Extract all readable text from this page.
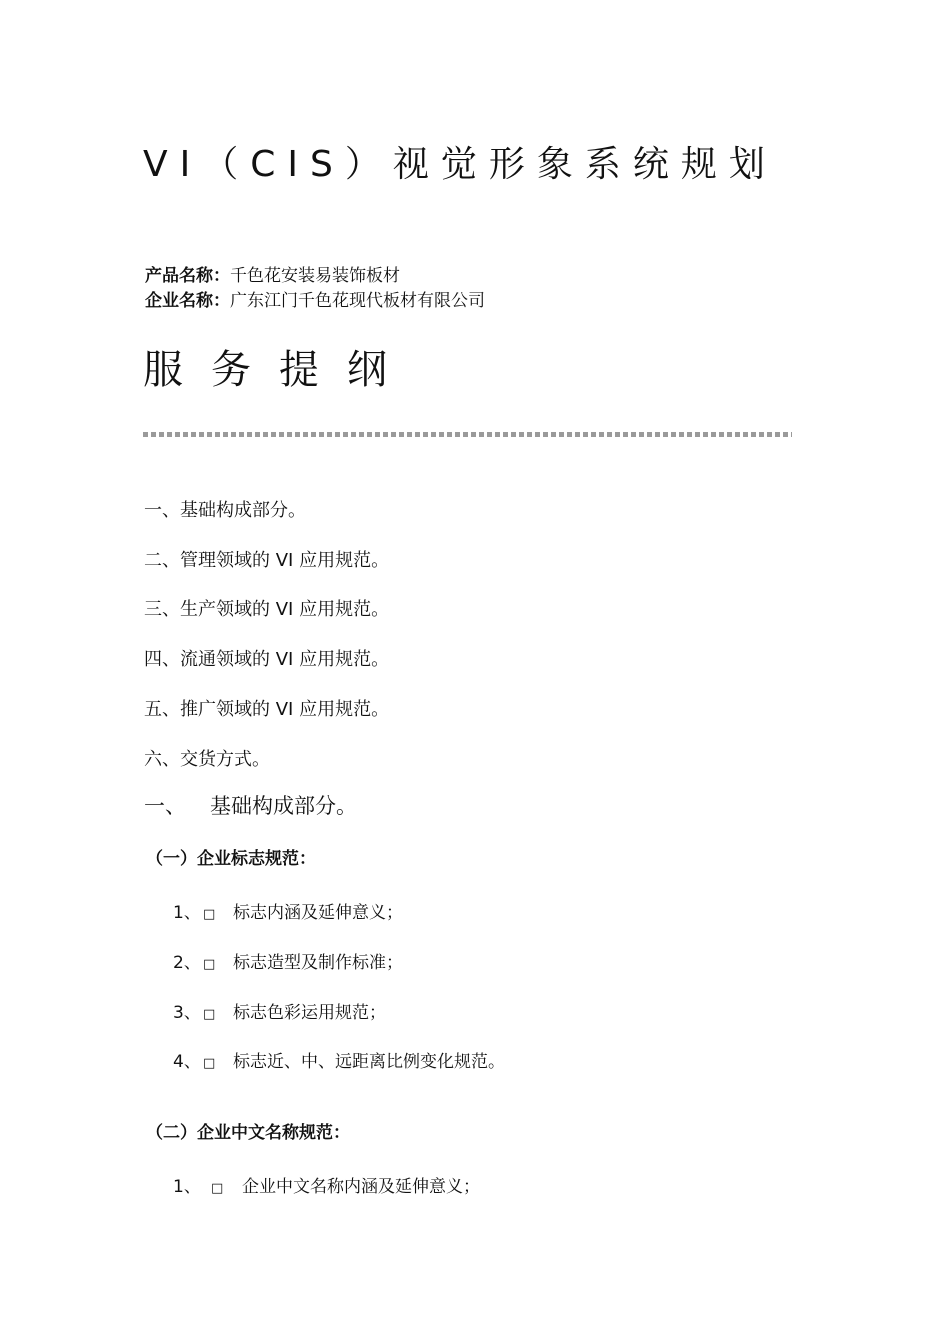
VI（CIS）视觉形象系统规划
产品名称：千色花安装易装饰板材
企业名称：广东江门千色花现代板材有限公司
服务提纲
一、基础构成部分。
二、管理领域的 VI 应用规范。
三、生产领域的 VI 应用规范。
四、流通领域的 VI 应用规范。
五、推广领域的 VI 应用规范。
六、交货方式。
一、 基础构成部分。
（一）企业标志规范：
1、 □ 标志内涵及延伸意义；
2、 □ 标志造型及制作标准；
3、 □ 标志色彩运用规范；
4、 □ 标志近、中、远距离比例变化规范。
（二）企业中文名称规范：
1、 □ 企业中文名称内涵及延伸意义；
